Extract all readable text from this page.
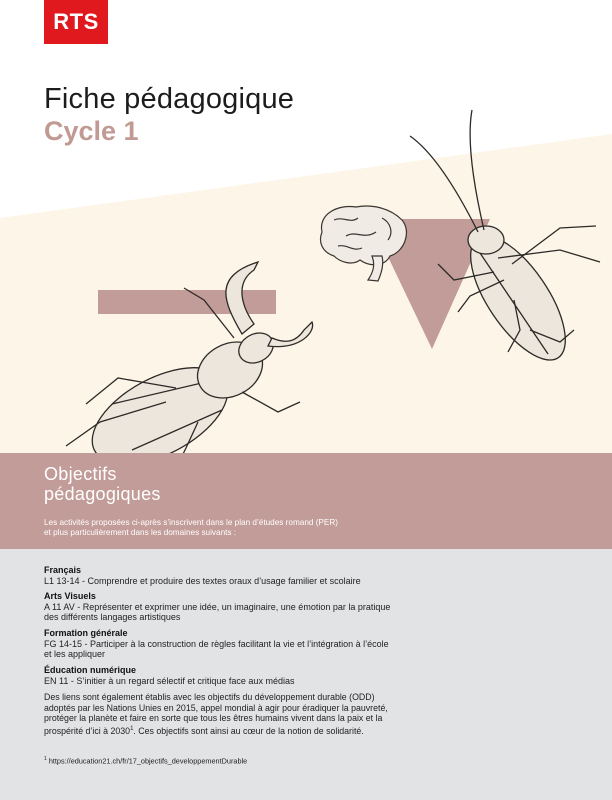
RTS
Fiche pédagogique
Cycle 1
Objectifs
pédagogiques

Les activités proposées ci-après s’inscrivent dans le plan d’études romand (PER)
et plus particulièrement dans les domaines suivants :

Français
L1 13-14 - Comprendre et produire des textes oraux d’usage familier et scolaire
Arts Visuels
A 11 AV - Représenter et exprimer une idée, un imaginaire, une émotion par la pratique
des différents langages artistiques
Formation générale
FG 14-15 - Participer à la construction de règles facilitant la vie et l’intégration à l’école
et les appliquer
Éducation numérique
EN 11 - S’initier à un regard sélectif et critique face aux médias
Des liens sont également établis avec les objectifs du développement durable (ODD)
adoptés par les Nations Unies en 2015, appel mondial à agir pour éradiquer la pauvreté,
protéger la planète et faire en sorte que tous les êtres humains vivent dans la paix et la
prospérité d’ici à 2030$^1$. Ces objectifs sont ainsi au cœur de la notion de solidarité.
$^1$ https://education21.ch/fr/17_objectifs_developpementDurable
